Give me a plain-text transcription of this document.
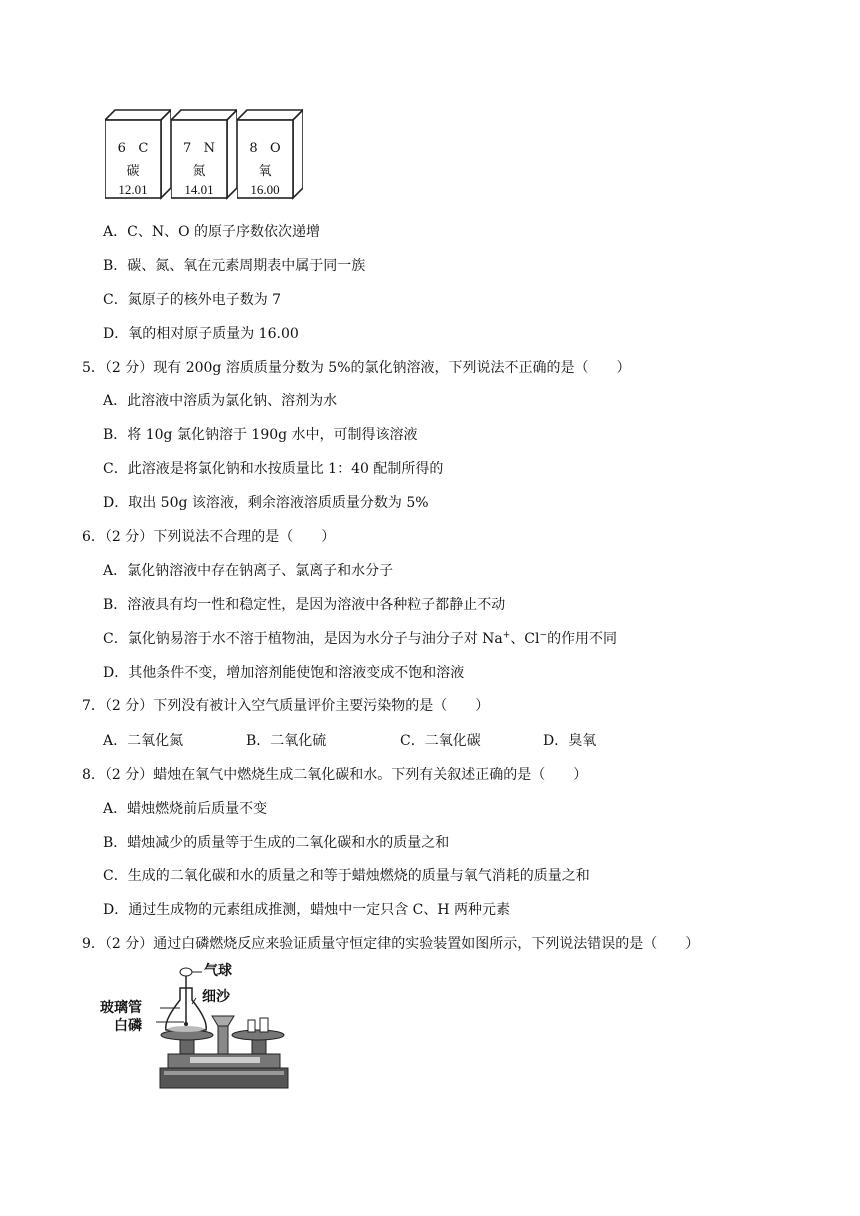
6 C
碳
12.01
7 N
氮
14.01
8 O
氧
16.00
A．C、N、O 的原子序数依次递增
B．碳、氮、氧在元素周期表中属于同一族
C．氮原子的核外电子数为 7
D．氧的相对原子质量为 16.00
5．（2 分）现有 200g 溶质质量分数为 5%的氯化钠溶液，下列说法不正确的是（　　）
A．此溶液中溶质为氯化钠、溶剂为水
B．将 10g 氯化钠溶于 190g 水中，可制得该溶液
C．此溶液是将氯化钠和水按质量比 1：40 配制所得的
D．取出 50g 该溶液，剩余溶液溶质质量分数为 5%
6．（2 分）下列说法不合理的是（　　）
A．氯化钠溶液中存在钠离子、氯离子和水分子
B．溶液具有均一性和稳定性，是因为溶液中各种粒子都静止不动
C．氯化钠易溶于水不溶于植物油，是因为水分子与油分子对 Na+、Cl−的作用不同
D．其他条件不变，增加溶剂能使饱和溶液变成不饱和溶液
7．（2 分）下列没有被计入空气质量评价主要污染物的是（　　）
A．二氧化氮	B．二氧化硫	C．二氧化碳	D．臭氧
8．（2 分）蜡烛在氧气中燃烧生成二氧化碳和水。下列有关叙述正确的是（　　）
A．蜡烛燃烧前后质量不变
B．蜡烛减少的质量等于生成的二氧化碳和水的质量之和
C．生成的二氧化碳和水的质量之和等于蜡烛燃烧的质量与氧气消耗的质量之和
D．通过生成物的元素组成推测，蜡烛中一定只含 C、H 两种元素
9．（2 分）通过白磷燃烧反应来验证质量守恒定律的实验装置如图所示，下列说法错误的是（　　）
气球
细沙
玻璃管
白磷
